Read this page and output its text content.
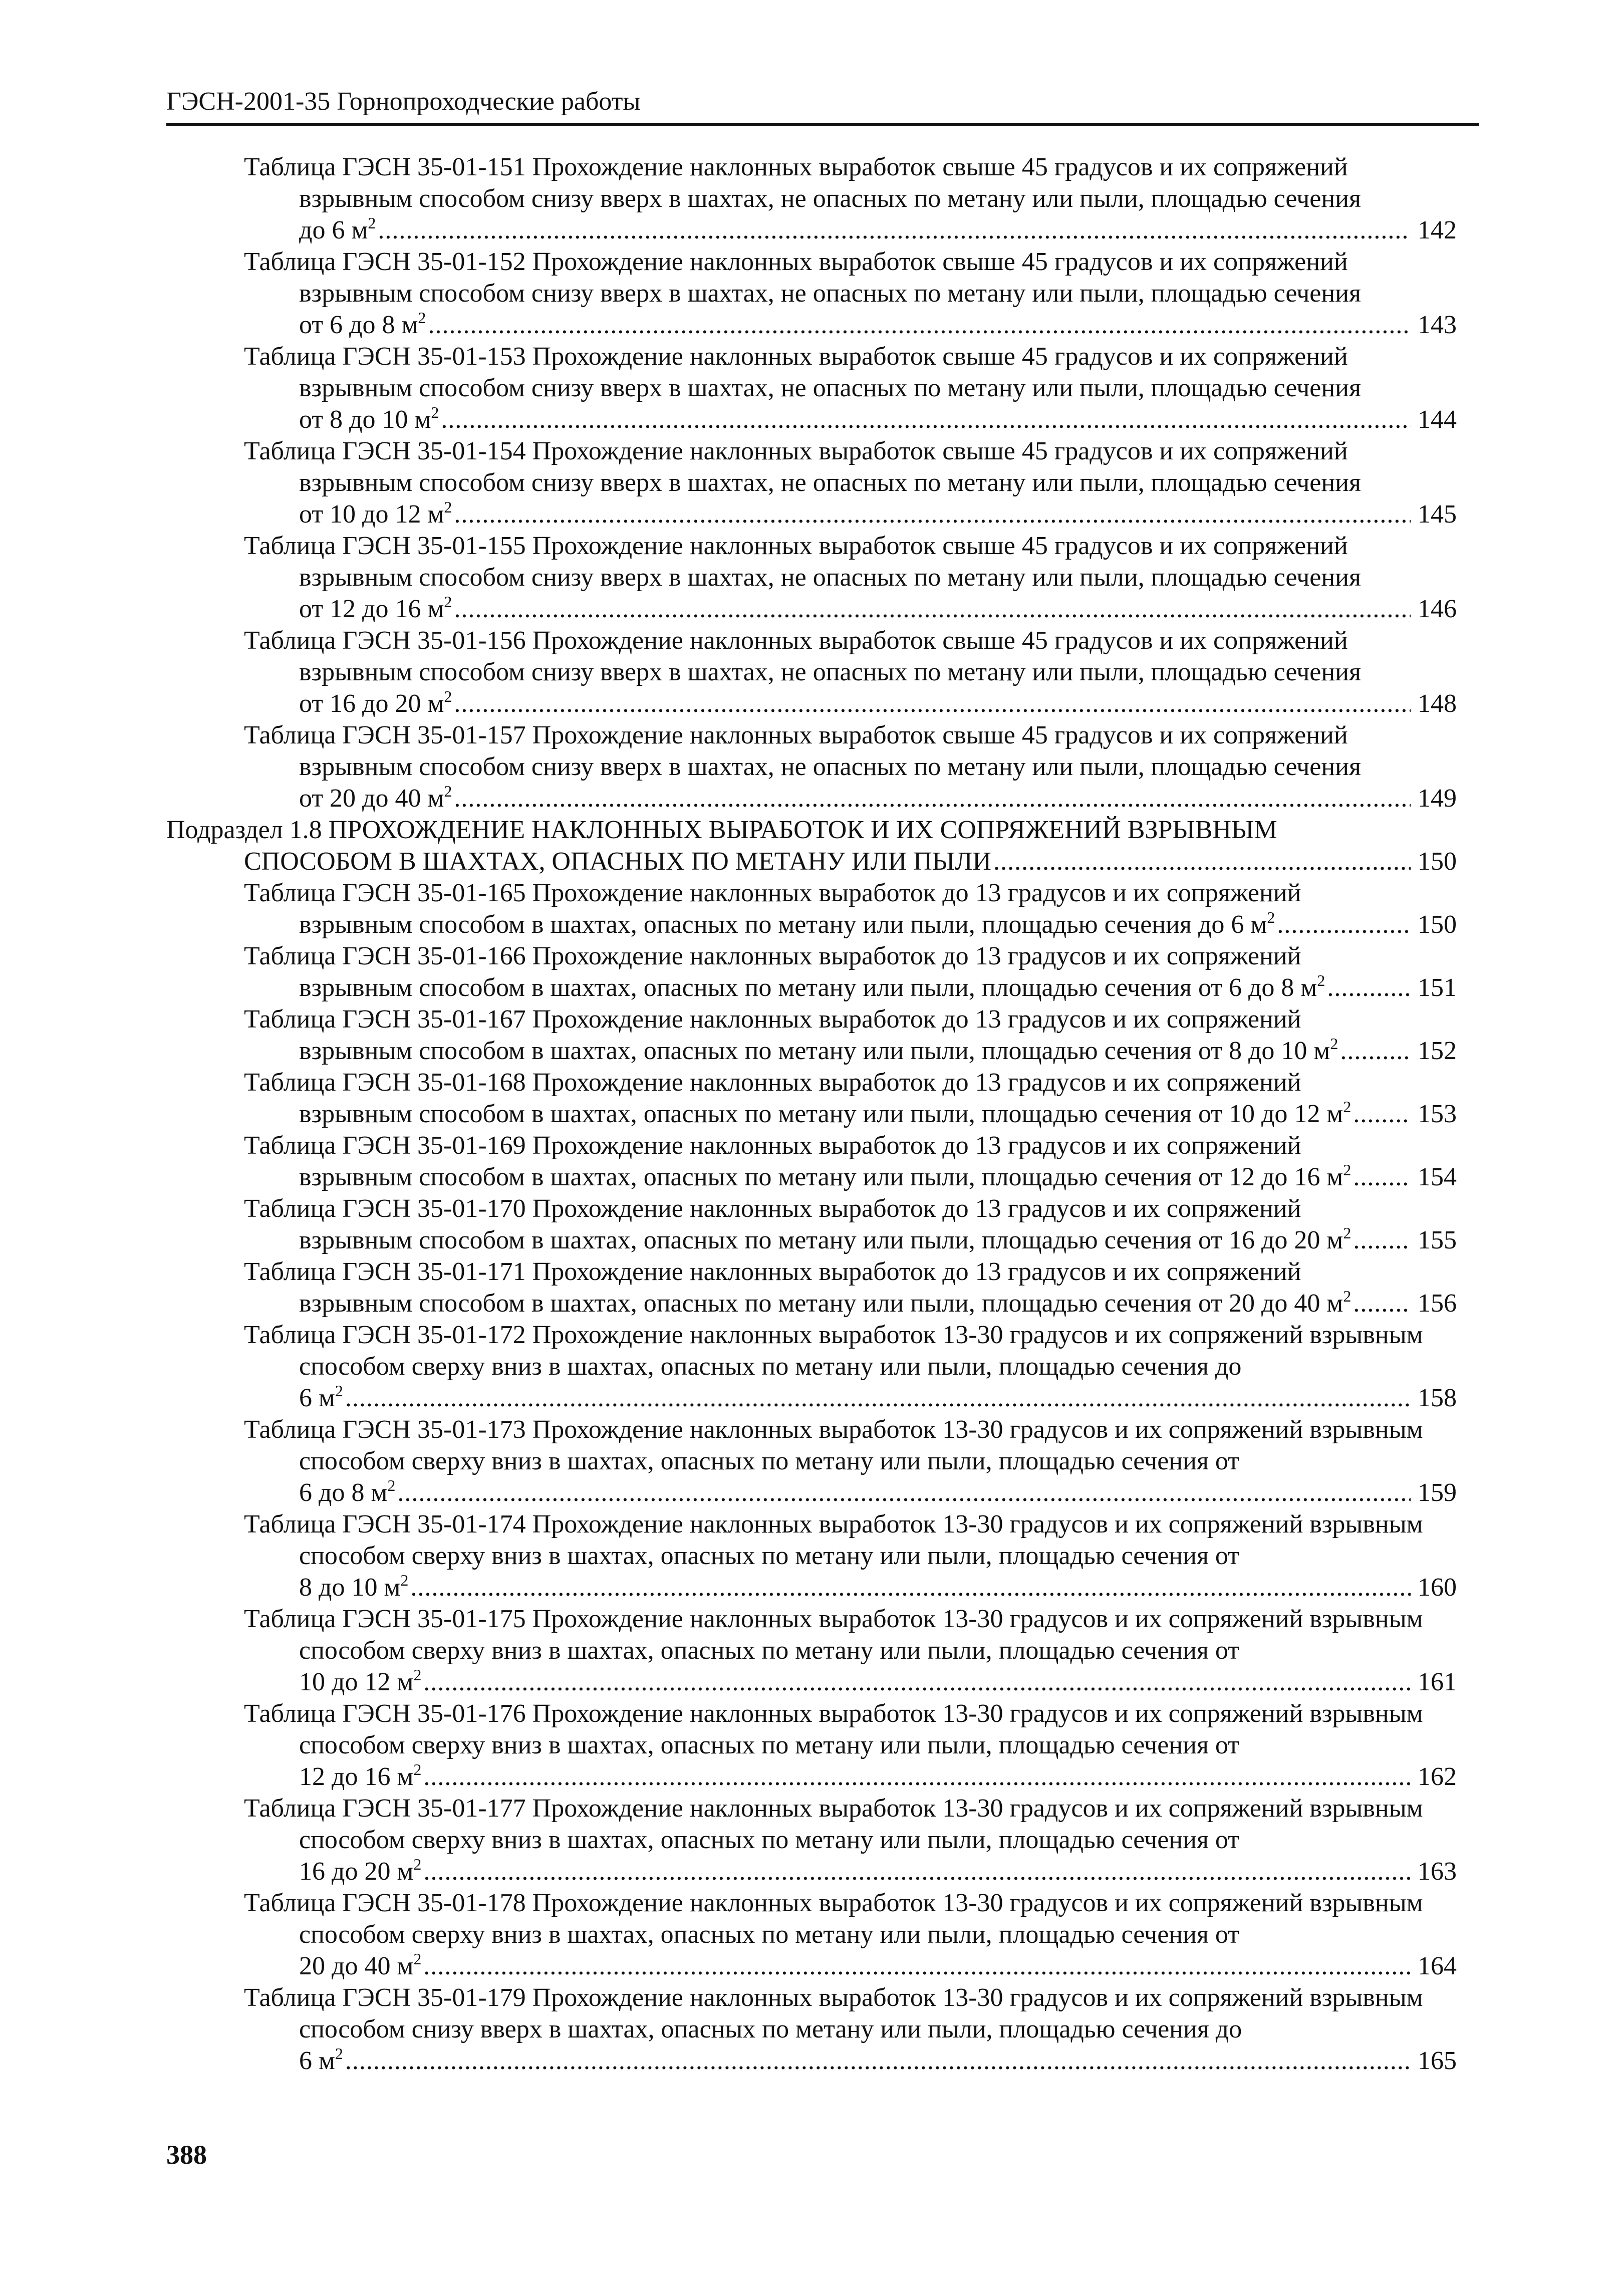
ГЭСН-2001-35 Горнопроходческие работы
Таблица ГЭСН 35-01-151 Прохождение наклонных выработок свыше 45 градусов и их сопряжений взрывным способом снизу вверх в шахтах, не опасных по метану или пыли, площадью сечения
до 6 $м^2$ . . .	142
Таблица ГЭСН 35-01-152 Прохождение наклонных выработок свыше 45 градусов и их сопряжений взрывным способом снизу вверх в шахтах, не опасных по метану или пыли, площадью сечения
от 6 до 8 $м^2$ . . .	143
Таблица ГЭСН 35-01-153 Прохождение наклонных выработок свыше 45 градусов и их сопряжений взрывным способом снизу вверх в шахтах, не опасных по метану или пыли, площадью сечения
от 8 до 10 $м^2$ . . .	144
Таблица ГЭСН 35-01-154 Прохождение наклонных выработок свыше 45 градусов и их сопряжений взрывным способом снизу вверх в шахтах, не опасных по метану или пыли, площадью сечения
от 10 до 12 $м^2$ . . .	145
Таблица ГЭСН 35-01-155 Прохождение наклонных выработок свыше 45 градусов и их сопряжений взрывным способом снизу вверх в шахтах, не опасных по метану или пыли, площадью сечения
от 12 до 16 $м^2$ . . .	146
Таблица ГЭСН 35-01-156 Прохождение наклонных выработок свыше 45 градусов и их сопряжений взрывным способом снизу вверх в шахтах, не опасных по метану или пыли, площадью сечения
от 16 до 20 $м^2$ . . .	148
Таблица ГЭСН 35-01-157 Прохождение наклонных выработок свыше 45 градусов и их сопряжений взрывным способом снизу вверх в шахтах, не опасных по метану или пыли, площадью сечения
от 20 до 40 $м^2$ . . .	149
Подраздел 1.8 ПРОХОЖДЕНИЕ НАКЛОННЫХ ВЫРАБОТОК И ИХ СОПРЯЖЕНИЙ ВЗРЫВНЫМ
СПОСОБОМ В ШАХТАХ, ОПАСНЫХ ПО МЕТАНУ ИЛИ ПЫЛИ . . .	150
Таблица ГЭСН 35-01-165 Прохождение наклонных выработок до 13 градусов и их сопряжений
взрывным способом в шахтах, опасных по метану или пыли, площадью сечения до 6 $м^2$ . . .	150
Таблица ГЭСН 35-01-166 Прохождение наклонных выработок до 13 градусов и их сопряжений
взрывным способом в шахтах, опасных по метану или пыли, площадью сечения от 6 до 8 $м^2$ . . .	151
Таблица ГЭСН 35-01-167 Прохождение наклонных выработок до 13 градусов и их сопряжений
взрывным способом в шахтах, опасных по метану или пыли, площадью сечения от 8 до 10 $м^2$ . . .	152
Таблица ГЭСН 35-01-168 Прохождение наклонных выработок до 13 градусов и их сопряжений
взрывным способом в шахтах, опасных по метану или пыли, площадью сечения от 10 до 12 $м^2$ . . .	153
Таблица ГЭСН 35-01-169 Прохождение наклонных выработок до 13 градусов и их сопряжений
взрывным способом в шахтах, опасных по метану или пыли, площадью сечения от 12 до 16 $м^2$ . . .	154
Таблица ГЭСН 35-01-170 Прохождение наклонных выработок до 13 градусов и их сопряжений
взрывным способом в шахтах, опасных по метану или пыли, площадью сечения от 16 до 20 $м^2$ . . .	155
Таблица ГЭСН 35-01-171 Прохождение наклонных выработок до 13 градусов и их сопряжений
взрывным способом в шахтах, опасных по метану или пыли, площадью сечения от 20 до 40 $м^2$ . . .	156
Таблица ГЭСН 35-01-172 Прохождение наклонных выработок 13-30 градусов и их сопряжений взрывным способом сверху вниз в шахтах, опасных по метану или пыли, площадью сечения до
6 $м^2$ . . .	158
Таблица ГЭСН 35-01-173 Прохождение наклонных выработок 13-30 градусов и их сопряжений взрывным способом сверху вниз в шахтах, опасных по метану или пыли, площадью сечения от
6 до 8 $м^2$ . . .	159
Таблица ГЭСН 35-01-174 Прохождение наклонных выработок 13-30 градусов и их сопряжений взрывным способом сверху вниз в шахтах, опасных по метану или пыли, площадью сечения от
8 до 10 $м^2$ . . .	160
Таблица ГЭСН 35-01-175 Прохождение наклонных выработок 13-30 градусов и их сопряжений взрывным способом сверху вниз в шахтах, опасных по метану или пыли, площадью сечения от
10 до 12 $м^2$ . . .	161
Таблица ГЭСН 35-01-176 Прохождение наклонных выработок 13-30 градусов и их сопряжений взрывным способом сверху вниз в шахтах, опасных по метану или пыли, площадью сечения от
12 до 16 $м^2$ . . .	162
Таблица ГЭСН 35-01-177 Прохождение наклонных выработок 13-30 градусов и их сопряжений взрывным способом сверху вниз в шахтах, опасных по метану или пыли, площадью сечения от
16 до 20 $м^2$ . . .	163
Таблица ГЭСН 35-01-178 Прохождение наклонных выработок 13-30 градусов и их сопряжений взрывным способом сверху вниз в шахтах, опасных по метану или пыли, площадью сечения от
20 до 40 $м^2$ . . .	164
Таблица ГЭСН 35-01-179 Прохождение наклонных выработок 13-30 градусов и их сопряжений взрывным способом снизу вверх в шахтах, опасных по метану или пыли, площадью сечения до
6 $м^2$ . . .	165
388
